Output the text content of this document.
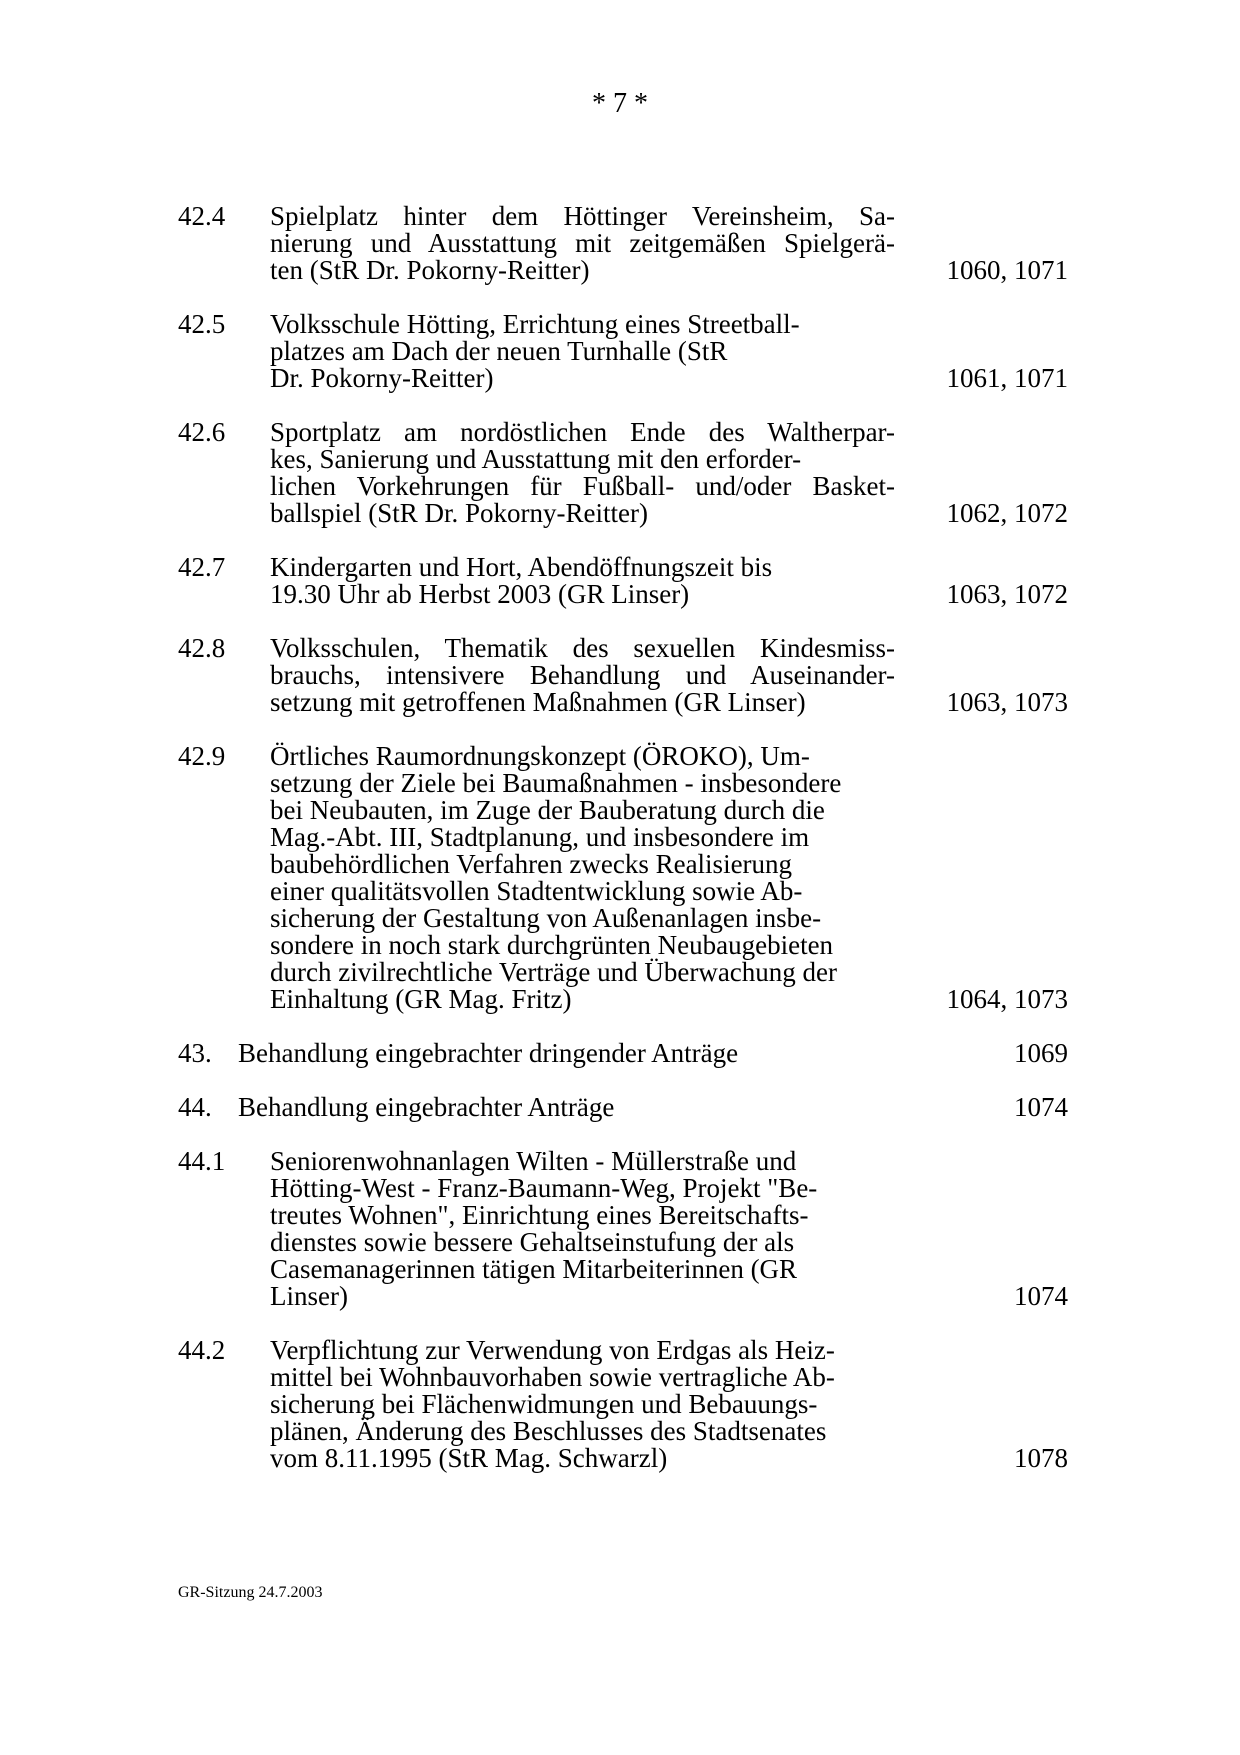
* 7 *
42.4 Spielplatz hinter dem Höttinger Vereinsheim, Sa-
nierung und Ausstattung mit zeitgemäßen Spielgerä-
ten (StR Dr. Pokorny-Reitter)	1060, 1071
42.5 Volksschule Hötting, Errichtung eines Streetball-
platzes am Dach der neuen Turnhalle (StR
Dr. Pokorny-Reitter)	1061, 1071
42.6 Sportplatz am nordöstlichen Ende des Waltherpar-
kes, Sanierung und Ausstattung mit den erforder-
lichen Vorkehrungen für Fußball- und/oder Basket-
ballspiel (StR Dr. Pokorny-Reitter)	1062, 1072
42.7 Kindergarten und Hort, Abendöffnungszeit bis
19.30 Uhr ab Herbst 2003 (GR Linser)	1063, 1072
42.8 Volksschulen, Thematik des sexuellen Kindesmiss-
brauchs, intensivere Behandlung und Auseinander-
setzung mit getroffenen Maßnahmen (GR Linser)	1063, 1073
42.9 Örtliches Raumordnungskonzept (ÖROKO), Um-
setzung der Ziele bei Baumaßnahmen - insbesondere
bei Neubauten, im Zuge der Bauberatung durch die
Mag.-Abt. III, Stadtplanung, und insbesondere im
baubehördlichen Verfahren zwecks Realisierung
einer qualitätsvollen Stadtentwicklung sowie Ab-
sicherung der Gestaltung von Außenanlagen insbe-
sondere in noch stark durchgrünten Neubaugebieten
durch zivilrechtliche Verträge und Überwachung der
Einhaltung (GR Mag. Fritz)	1064, 1073
43. Behandlung eingebrachter dringender Anträge	1069
44. Behandlung eingebrachter Anträge	1074
44.1 Seniorenwohnanlagen Wilten - Müllerstraße und
Hötting-West - Franz-Baumann-Weg, Projekt "Be-
treutes Wohnen", Einrichtung eines Bereitschafts-
dienstes sowie bessere Gehaltseinstufung der als
Casemanagerinnen tätigen Mitarbeiterinnen (GR
Linser)	1074
44.2 Verpflichtung zur Verwendung von Erdgas als Heiz-
mittel bei Wohnbauvorhaben sowie vertragliche Ab-
sicherung bei Flächenwidmungen und Bebauungs-
plänen, Änderung des Beschlusses des Stadtsenates
vom 8.11.1995 (StR Mag. Schwarzl)	1078
GR-Sitzung 24.7.2003
